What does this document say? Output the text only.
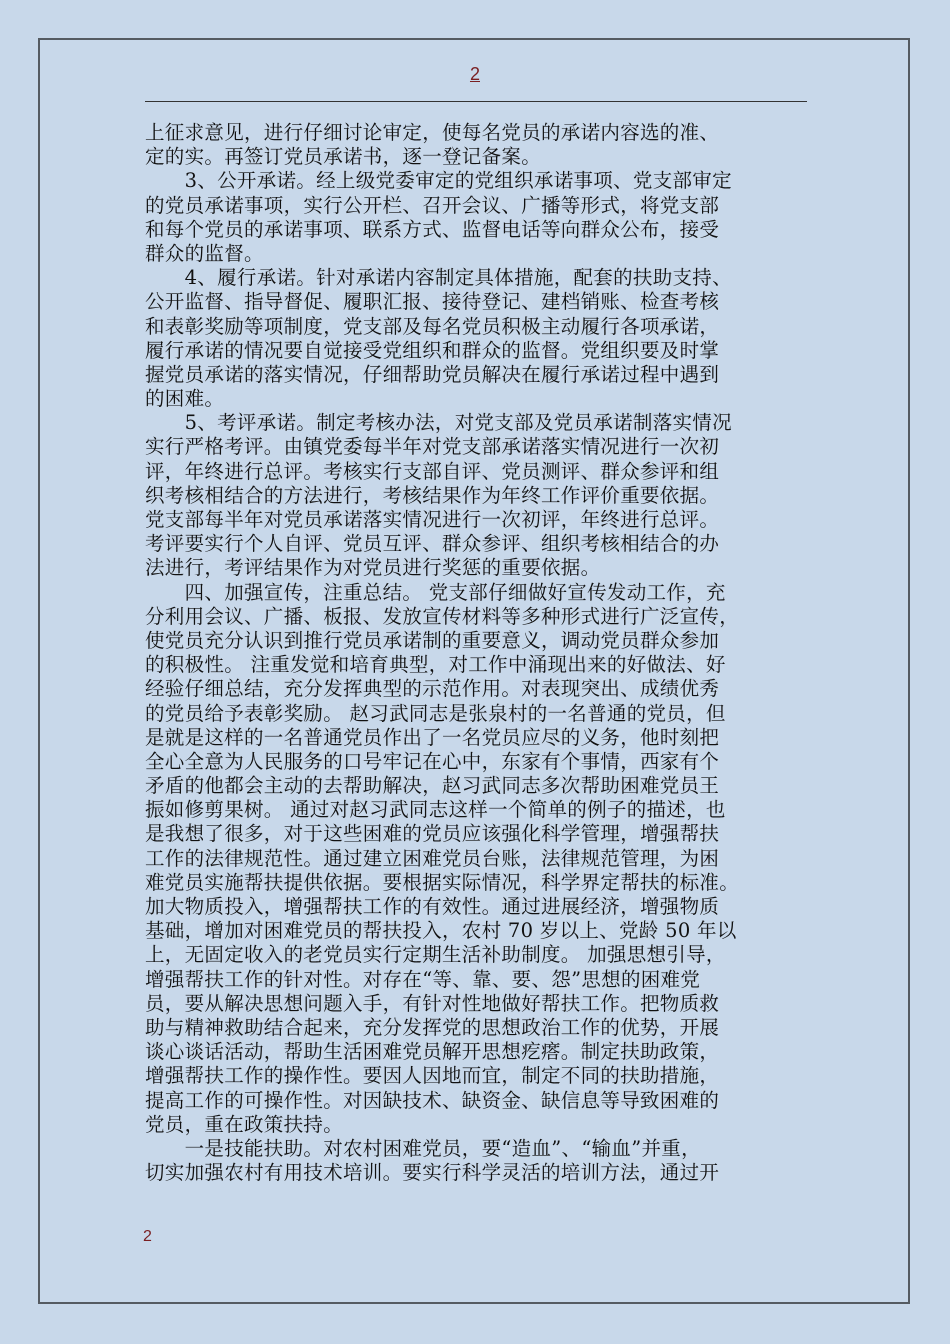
2
上征求意见，进行仔细讨论审定，使每名党员的承诺内容选的准、
定的实。再签订党员承诺书，逐一登记备案。
　　3、公开承诺。经上级党委审定的党组织承诺事项、党支部审定
的党员承诺事项，实行公开栏、召开会议、广播等形式，将党支部
和每个党员的承诺事项、联系方式、监督电话等向群众公布，接受
群众的监督。
　　4、履行承诺。针对承诺内容制定具体措施，配套的扶助支持、
公开监督、指导督促、履职汇报、接待登记、建档销账、检查考核
和表彰奖励等项制度，党支部及每名党员积极主动履行各项承诺，
履行承诺的情况要自觉接受党组织和群众的监督。党组织要及时掌
握党员承诺的落实情况，仔细帮助党员解决在履行承诺过程中遇到
的困难。
　　5、考评承诺。制定考核办法，对党支部及党员承诺制落实情况
实行严格考评。由镇党委每半年对党支部承诺落实情况进行一次初
评，年终进行总评。考核实行支部自评、党员测评、群众参评和组
织考核相结合的方法进行，考核结果作为年终工作评价重要依据。
党支部每半年对党员承诺落实情况进行一次初评，年终进行总评。
考评要实行个人自评、党员互评、群众参评、组织考核相结合的办
法进行，考评结果作为对党员进行奖惩的重要依据。
　　四、加强宣传，注重总结。 党支部仔细做好宣传发动工作，充
分利用会议、广播、板报、发放宣传材料等多种形式进行广泛宣传，
使党员充分认识到推行党员承诺制的重要意义，调动党员群众参加
的积极性。 注重发觉和培育典型，对工作中涌现出来的好做法、好
经验仔细总结，充分发挥典型的示范作用。对表现突出、成绩优秀
的党员给予表彰奖励。 赵习武同志是张泉村的一名普通的党员，但
是就是这样的一名普通党员作出了一名党员应尽的义务，他时刻把
全心全意为人民服务的口号牢记在心中，东家有个事情，西家有个
矛盾的他都会主动的去帮助解决，赵习武同志多次帮助困难党员王
振如修剪果树。 通过对赵习武同志这样一个简单的例子的描述，也
是我想了很多，对于这些困难的党员应该强化科学管理，增强帮扶
工作的法律规范性。通过建立困难党员台账，法律规范管理，为困
难党员实施帮扶提供依据。要根据实际情况，科学界定帮扶的标准。
加大物质投入，增强帮扶工作的有效性。通过进展经济，增强物质
基础，增加对困难党员的帮扶投入，农村 70 岁以上、党龄 50 年以
上，无固定收入的老党员实行定期生活补助制度。 加强思想引导，
增强帮扶工作的针对性。对存在“等、靠、要、怨”思想的困难党
员，要从解决思想问题入手，有针对性地做好帮扶工作。把物质救
助与精神救助结合起来，充分发挥党的思想政治工作的优势，开展
谈心谈话活动，帮助生活困难党员解开思想疙瘩。制定扶助政策，
增强帮扶工作的操作性。要因人因地而宜，制定不同的扶助措施，
提高工作的可操作性。对因缺技术、缺资金、缺信息等导致困难的
党员，重在政策扶持。
　　一是技能扶助。对农村困难党员，要“造血”、“输血”并重，
切实加强农村有用技术培训。要实行科学灵活的培训方法，通过开
2
